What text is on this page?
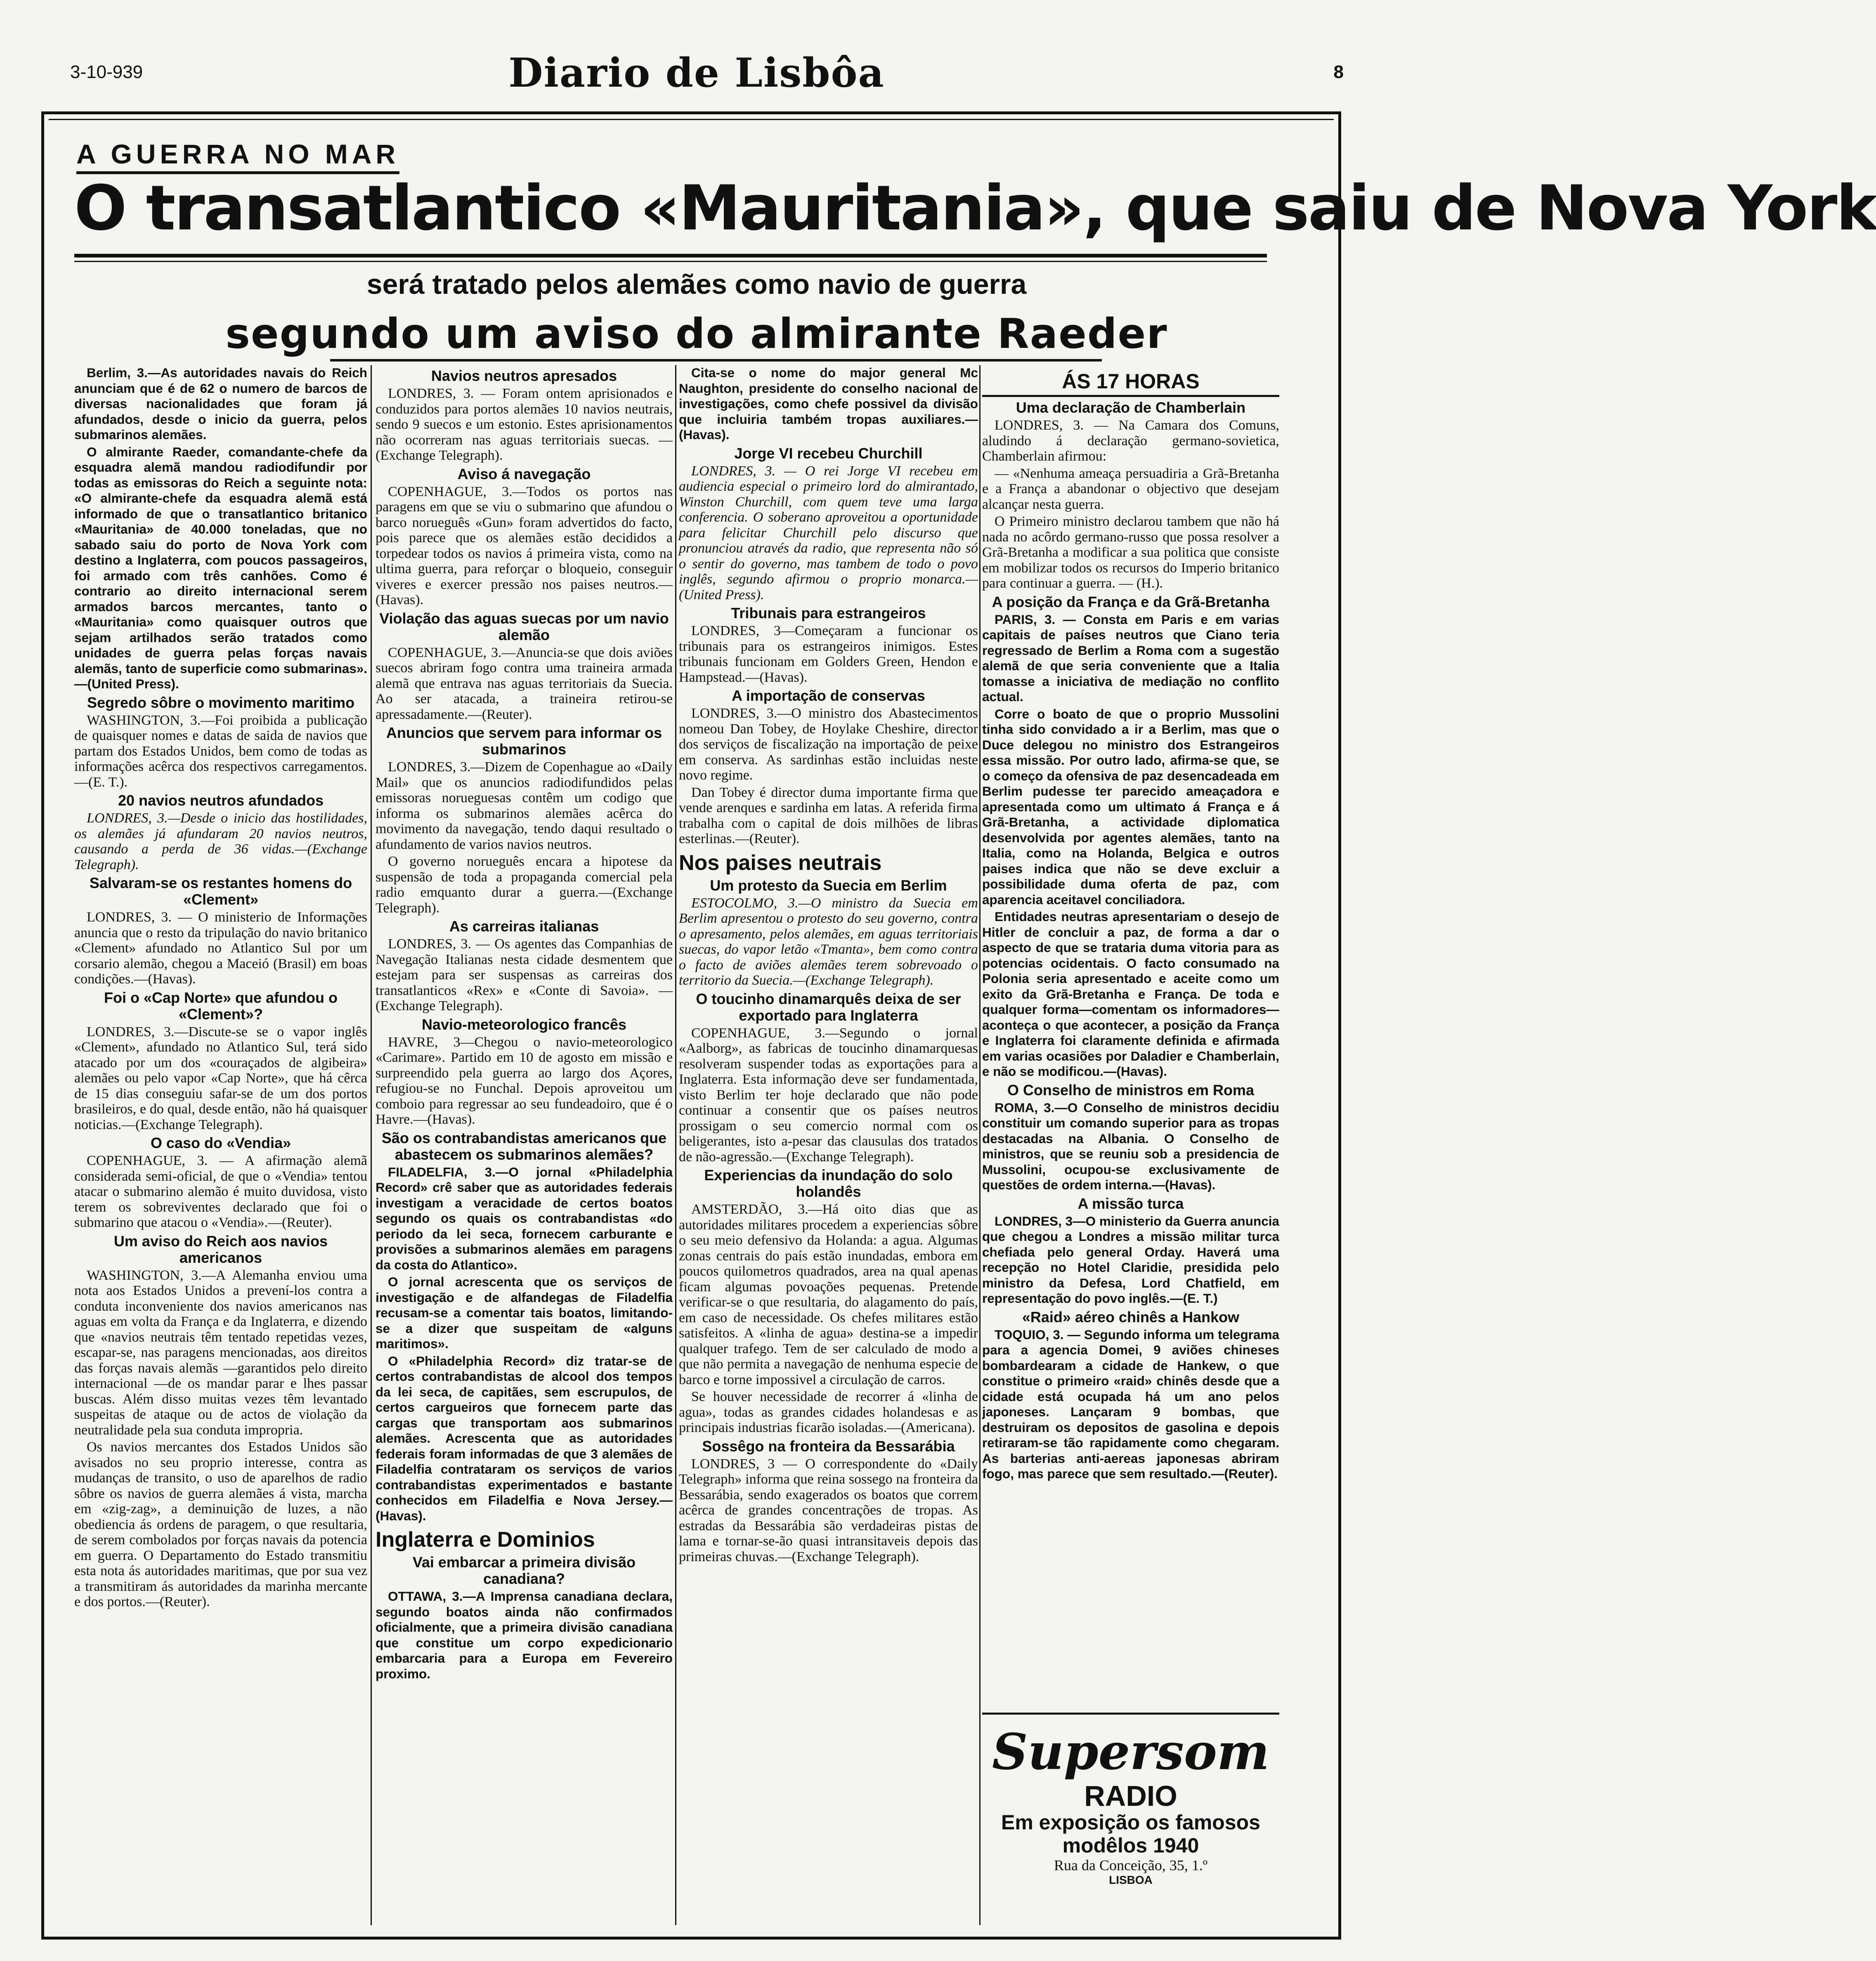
3-10-939	Diario de Lisbôa	8
A GUERRA NO MAR
O transatlantico «Mauritania», que saiu de Nova York
será tratado pelos alemães como navio de guerra
segundo um aviso do almirante Raeder

Berlim, 3.—As autoridades navais do Reich anunciam que é de 62 o numero de barcos de diversas nacionalidades que foram já afundados, desde o inicio da guerra, pelos submarinos alemães.

O almirante Raeder, comandante-chefe da esquadra alemã mandou radiodifundir por todas as emissoras do Reich a seguinte nota: «O almirante-chefe da esquadra alemã está informado de que o transatlantico britanico «Mauritania» de 40.000 toneladas, que no sabado saiu do porto de Nova York com destino a Inglaterra, com poucos passageiros, foi armado com três canhões. Como é contrario ao direito internacional serem armados barcos mercantes, tanto o «Mauritania» como quaisquer outros que sejam artilhados serão tratados como unidades de guerra pelas forças navais alemãs, tanto de superficie como submarinas».—(United Press).

Segredo sôbre o movimento maritimo

WASHINGTON, 3.—Foi proibida a publicação de quaisquer nomes e datas de saida de navios que partam dos Estados Unidos, bem como de todas as informações acêrca dos respectivos carregamentos.—(E. T.).

20 navios neutros afundados

LONDRES, 3.—Desde o inicio das hostilidades, os alemães já afundaram 20 navios neutros, causando a perda de 36 vidas.—(Exchange Telegraph).

Salvaram-se os restantes homens do «Clement»

LONDRES, 3. — O ministerio de Informações anuncia que o resto da tripulação do navio britanico «Clement» afundado no Atlantico Sul por um corsario alemão, chegou a Maceió (Brasil) em boas condições.—(Havas).

Foi o «Cap Norte» que afundou o «Clement»?

LONDRES, 3.—Discute-se se o vapor inglês «Clement», afundado no Atlantico Sul, terá sido atacado por um dos «couraçados de algibeira» alemães ou pelo vapor «Cap Norte», que há cêrca de 15 dias conseguiu safar-se de um dos portos brasileiros, e do qual, desde então, não há quaisquer noticias.—(Exchange Telegraph).

O caso do «Vendia»

COPENHAGUE, 3. — A afirmação alemã considerada semi-oficial, de que o «Vendia» tentou atacar o submarino alemão é muito duvidosa, visto terem os sobreviventes declarado que foi o submarino que atacou o «Vendia».—(Reuter).

Um aviso do Reich aos navios americanos

WASHINGTON, 3.—A Alemanha enviou uma nota aos Estados Unidos a prevení-los contra a conduta inconveniente dos navios americanos nas aguas em volta da França e da Inglaterra, e dizendo que «navios neutrais têm tentado repetidas vezes, escapar-se, nas paragens mencionadas, aos direitos das forças navais alemãs —garantidos pelo direito internacional —de os mandar parar e lhes passar buscas. Além disso muitas vezes têm levantado suspeitas de ataque ou de actos de violação da neutralidade pela sua conduta impropria.

Os navios mercantes dos Estados Unidos são avisados no seu proprio interesse, contra as mudanças de transito, o uso de aparelhos de radio sôbre os navios de guerra alemães á vista, marcha em «zig-zag», a deminuição de luzes, a não obediencia ás ordens de paragem, o que resultaria, de serem combolados por forças navais da potencia em guerra. O Departamento do Estado transmitiu esta nota ás autoridades maritimas, que por sua vez a transmitiram ás autoridades da marinha mercante e dos portos.—(Reuter).

Navios neutros apresados

LONDRES, 3. — Foram ontem aprisionados e conduzidos para portos alemães 10 navios neutrais, sendo 9 suecos e um estonio. Estes aprisionamentos não ocorreram nas aguas territoriais suecas. — (Exchange Telegraph).

Aviso á navegação

COPENHAGUE, 3.—Todos os portos nas paragens em que se viu o submarino que afundou o barco norueguês «Gun» foram advertidos do facto, pois parece que os alemães estão decididos a torpedear todos os navios á primeira vista, como na ultima guerra, para reforçar o bloqueio, conseguir viveres e exercer pressão nos paises neutros.—(Havas).

Violação das aguas suecas por um navio alemão

COPENHAGUE, 3.—Anuncia-se que dois aviões suecos abriram fogo contra uma traineira armada alemã que entrava nas aguas territoriais da Suecia. Ao ser atacada, a traineira retirou-se apressadamente.—(Reuter).

Anuncios que servem para informar os submarinos

LONDRES, 3.—Dizem de Copenhague ao «Daily Mail» que os anuncios radiodifundidos pelas emissoras norueguesas contêm um codigo que informa os submarinos alemães acêrca do movimento da navegação, tendo daqui resultado o afundamento de varios navios neutros.

O governo norueguês encara a hipotese da suspensão de toda a propaganda comercial pela radio emquanto durar a guerra.—(Exchange Telegraph).

As carreiras italianas

LONDRES, 3. — Os agentes das Companhias de Navegação Italianas nesta cidade desmentem que estejam para ser suspensas as carreiras dos transatlanticos «Rex» e «Conte di Savoia». — (Exchange Telegraph).

Navio-meteorologico francês

HAVRE, 3—Chegou o navio-meteorologico «Carimare». Partido em 10 de agosto em missão e surpreendido pela guerra ao largo dos Açores, refugiou-se no Funchal. Depois aproveitou um comboio para regressar ao seu fundeadoiro, que é o Havre.—(Havas).

São os contrabandistas americanos que abastecem os submarinos alemães?

FILADELFIA, 3.—O jornal «Philadelphia Record» crê saber que as autoridades federais investigam a veracidade de certos boatos segundo os quais os contrabandistas «do periodo da lei seca, fornecem carburante e provisões a submarinos alemães em paragens da costa do Atlantico».

O jornal acrescenta que os serviços de investigação e de alfandegas de Filadelfia recusam-se a comentar tais boatos, limitando-se a dizer que suspeitam de «alguns maritimos».

O «Philadelphia Record» diz tratar-se de certos contrabandistas de alcool dos tempos da lei seca, de capitães, sem escrupulos, de certos cargueiros que fornecem parte das cargas que transportam aos submarinos alemães. Acrescenta que as autoridades federais foram informadas de que 3 alemães de Filadelfia contrataram os serviços de varios contrabandistas experimentados e bastante conhecidos em Filadelfia e Nova Jersey.—(Havas).

Inglaterra e Dominios
Vai embarcar a primeira divisão canadiana?

OTTAWA, 3.—A Imprensa canadiana declara, segundo boatos ainda não confirmados oficialmente, que a primeira divisão canadiana que constitue um corpo expedicionario embarcaria para a Europa em Fevereiro proximo.

Cita-se o nome do major general Mc Naughton, presidente do conselho nacional de investigações, como chefe possivel da divisão que incluiria também tropas auxiliares.—(Havas).

Jorge VI recebeu Churchill

LONDRES, 3. — O rei Jorge VI recebeu em audiencia especial o primeiro lord do almirantado, Winston Churchill, com quem teve uma larga conferencia. O soberano aproveitou a oportunidade para felicitar Churchill pelo discurso que pronunciou através da radio, que representa não só o sentir do governo, mas tambem de todo o povo inglês, segundo afirmou o proprio monarca.—(United Press).

Tribunais para estrangeiros

LONDRES, 3—Começaram a funcionar os tribunais para os estrangeiros inimigos. Estes tribunais funcionam em Golders Green, Hendon e Hampstead.—(Havas).

A importação de conservas

LONDRES, 3.—O ministro dos Abastecimentos nomeou Dan Tobey, de Hoylake Cheshire, director dos serviços de fiscalização na importação de peixe em conserva. As sardinhas estão incluidas neste novo regime.

Dan Tobey é director duma importante firma que vende arenques e sardinha em latas. A referida firma trabalha com o capital de dois milhões de libras esterlinas.—(Reuter).

Nos paises neutrais
Um protesto da Suecia em Berlim

ESTOCOLMO, 3.—O ministro da Suecia em Berlim apresentou o protesto do seu governo, contra o apresamento, pelos alemães, em aguas territoriais suecas, do vapor letão «Tmanta», bem como contra o facto de aviões alemães terem sobrevoado o territorio da Suecia.—(Exchange Telegraph).

O toucinho dinamarquês deixa de ser exportado para Inglaterra

COPENHAGUE, 3.—Segundo o jornal «Aalborg», as fabricas de toucinho dinamarquesas resolveram suspender todas as exportações para a Inglaterra. Esta informação deve ser fundamentada, visto Berlim ter hoje declarado que não pode continuar a consentir que os países neutros prossigam o seu comercio normal com os beligerantes, isto a-pesar das clausulas dos tratados de não-agressão.—(Exchange Telegraph).

Experiencias da inundação do solo holandês

AMSTERDÃO, 3.—Há oito dias que as autoridades militares procedem a experiencias sôbre o seu meio defensivo da Holanda: a agua. Algumas zonas centrais do país estão inundadas, embora em poucos quilometros quadrados, area na qual apenas ficam algumas povoações pequenas. Pretende verificar-se o que resultaria, do alagamento do país, em caso de necessidade. Os chefes militares estão satisfeitos. A «linha de agua» destina-se a impedir qualquer trafego. Tem de ser calculado de modo a que não permita a navegação de nenhuma especie de barco e torne impossivel a circulação de carros.

Se houver necessidade de recorrer á «linha de agua», todas as grandes cidades holandesas e as principais industrias ficarão isoladas.—(Americana).

Sossêgo na fronteira da Bessarábia

LONDRES, 3 — O correspondente do «Daily Telegraph» informa que reina sossego na fronteira da Bessarábia, sendo exagerados os boatos que correm acêrca de grandes concentrações de tropas. As estradas da Bessarábia são verdadeiras pistas de lama e tornar-se-ão quasi intransitaveis depois das primeiras chuvas.—(Exchange Telegraph).

ÁS 17 HORAS
Uma declaração de Chamberlain

LONDRES, 3. — Na Camara dos Comuns, aludindo á declaração germano-sovietica, Chamberlain afirmou:

— «Nenhuma ameaça persuadiria a Grã-Bretanha e a França a abandonar o objectivo que desejam alcançar nesta guerra.

O Primeiro ministro declarou tambem que não há nada no acôrdo germano-russo que possa resolver a Grã-Bretanha a modificar a sua politica que consiste em mobilizar todos os recursos do Imperio britanico para continuar a guerra. — (H.).

A posição da França e da Grã-Bretanha

PARIS, 3. — Consta em Paris e em varias capitais de países neutros que Ciano teria regressado de Berlim a Roma com a sugestão alemã de que seria conveniente que a Italia tomasse a iniciativa de mediação no conflito actual.

Corre o boato de que o proprio Mussolini tinha sido convidado a ir a Berlim, mas que o Duce delegou no ministro dos Estrangeiros essa missão. Por outro lado, afirma-se que, se o começo da ofensiva de paz desencadeada em Berlim pudesse ter parecido ameaçadora e apresentada como um ultimato á França e á Grã-Bretanha, a actividade diplomatica desenvolvida por agentes alemães, tanto na Italia, como na Holanda, Belgica e outros paises indica que não se deve excluir a possibilidade duma oferta de paz, com aparencia aceitavel conciliadora.

Entidades neutras apresentariam o desejo de Hitler de concluir a paz, de forma a dar o aspecto de que se trataria duma vitoria para as potencias ocidentais. O facto consumado na Polonia seria apresentado e aceite como um exito da Grã-Bretanha e França. De toda e qualquer forma—comentam os informadores—aconteça o que acontecer, a posição da França e Inglaterra foi claramente definida e afirmada em varias ocasiões por Daladier e Chamberlain, e não se modificou.—(Havas).

O Conselho de ministros em Roma

ROMA, 3.—O Conselho de ministros decidiu constituir um comando superior para as tropas destacadas na Albania. O Conselho de ministros, que se reuniu sob a presidencia de Mussolini, ocupou-se exclusivamente de questões de ordem interna.—(Havas).

A missão turca

LONDRES, 3—O ministerio da Guerra anuncia que chegou a Londres a missão militar turca chefiada pelo general Orday. Haverá uma recepção no Hotel Claridie, presidida pelo ministro da Defesa, Lord Chatfield, em representação do povo inglês.—(E. T.)

«Raid» aéreo chinês a Hankow

TOQUIO, 3. — Segundo informa um telegrama para a agencia Domei, 9 aviões chineses bombardearam a cidade de Hankew, o que constitue o primeiro «raid» chinês desde que a cidade está ocupada há um ano pelos japoneses. Lançaram 9 bombas, que destruiram os depositos de gasolina e depois retiraram-se tão rapidamente como chegaram. As barterias anti-aereas japonesas abriram fogo, mas parece que sem resultado.—(Reuter).

Supersom
RADIO
Em exposição os famosos
modêlos 1940
Rua da Conceição, 35, 1.º
LISBOA
